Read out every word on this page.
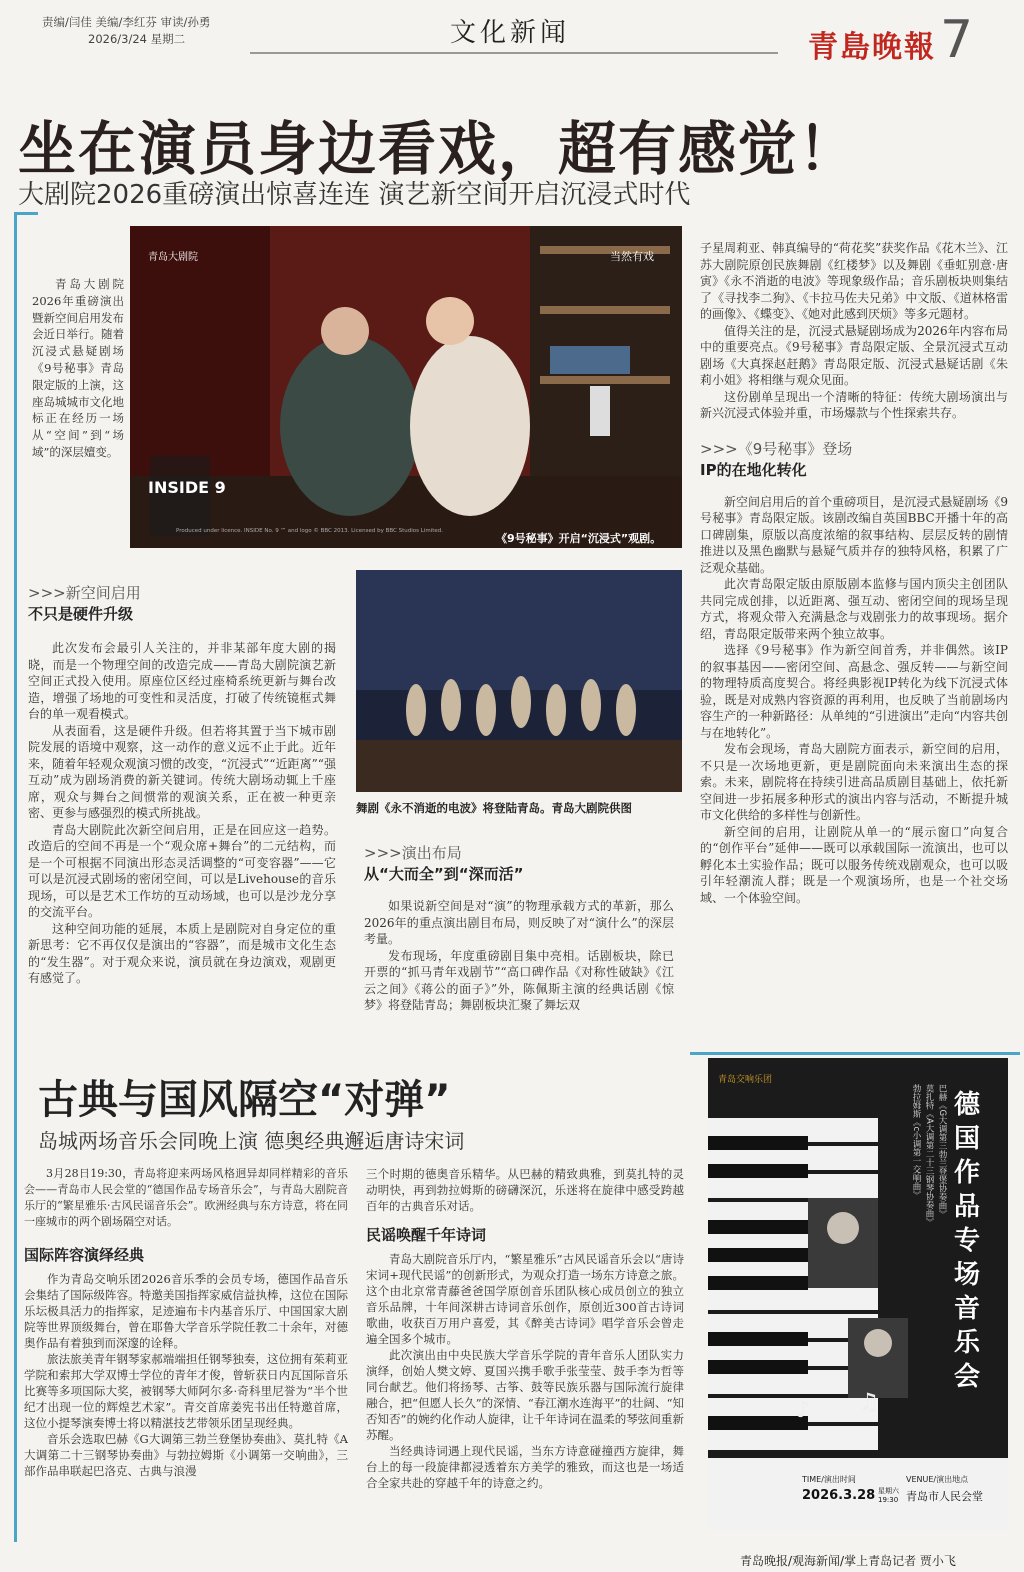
责编/闫佳 美编/李红芬 审读/孙勇
2026/3/24 星期二	文化新闻	青島晚報 7
坐在演员身边看戏，超有感觉！
大剧院2026重磅演出惊喜连连 演艺新空间开启沉浸式时代
青岛大剧院2026年重磅演出暨新空间启用发布会近日举行。随着沉浸式悬疑剧场《9号秘事》青岛限定版的上演，这座岛城城市文化地标正在经历一场从“空间”到“场域”的深层嬗变。
青岛大剧院	当然有戏
INSIDE 9
Produced under licence. INSIDE No. 9 ™ and logo © BBC 2013. Licensed by BBC Studios Limited.
《9号秘事》开启“沉浸式”观剧。
>>>新空间启用
不只是硬件升级

此次发布会最引人关注的，并非某部年度大剧的揭晓，而是一个物理空间的改造完成——青岛大剧院演艺新空间正式投入使用。原座位区经过座椅系统更新与舞台改造，增强了场地的可变性和灵活度，打破了传统镜框式舞台的单一观看模式。

从表面看，这是硬件升级。但若将其置于当下城市剧院发展的语境中观察，这一动作的意义远不止于此。近年来，随着年轻观众观演习惯的改变，“沉浸式”“近距离”“强互动”成为剧场消费的新关键词。传统大剧场动辄上千座席，观众与舞台之间惯常的观演关系，正在被一种更亲密、更参与感强烈的模式所挑战。

青岛大剧院此次新空间启用，正是在回应这一趋势。改造后的空间不再是一个“观众席+舞台”的二元结构，而是一个可根据不同演出形态灵活调整的“可变容器”——它可以是沉浸式剧场的密闭空间，可以是Livehouse的音乐现场，可以是艺术工作坊的互动场域，也可以是沙龙分享的交流平台。

这种空间功能的延展，本质上是剧院对自身定位的重新思考：它不再仅仅是演出的“容器”，而是城市文化生态的“发生器”。对于观众来说，演员就在身边演戏，观剧更有感觉了。

舞剧《永不消逝的电波》将登陆青岛。青岛大剧院供图
>>>演出布局
从“大而全”到“深而活”

如果说新空间是对“演”的物理承载方式的革新，那么2026年的重点演出剧目布局，则反映了对“演什么”的深层考量。

发布现场，年度重磅剧目集中亮相。话剧板块，除已开票的“抓马青年戏剧节”“高口碑作品《对称性破缺》《江云之间》《蒋公的面子》”外，陈佩斯主演的经典话剧《惊梦》将登陆青岛；舞剧板块汇聚了舞坛双

子星周莉亚、韩真编导的“荷花奖”获奖作品《花木兰》、江苏大剧院原创民族舞剧《红楼梦》以及舞剧《垂虹别意·唐寅》《永不消逝的电波》等现象级作品；音乐剧板块则集结了《寻找李二狗》、《卡拉马佐夫兄弟》中文版、《道林格雷的画像》、《蝶变》、《她对此感到厌烦》等多元题材。

值得关注的是，沉浸式悬疑剧场成为2026年内容布局中的重要亮点。《9号秘事》青岛限定版、全景沉浸式互动剧场《大真探赵赶鹅》青岛限定版、沉浸式悬疑话剧《朱莉小姐》将相继与观众见面。

这份剧单呈现出一个清晰的特征：传统大剧场演出与新兴沉浸式体验并重，市场爆款与个性探索共存。

>>>《9号秘事》登场
IP的在地化转化

新空间启用后的首个重磅项目，是沉浸式悬疑剧场《9号秘事》青岛限定版。该剧改编自英国BBC开播十年的高口碑剧集，原版以高度浓缩的叙事结构、层层反转的剧情推进以及黑色幽默与悬疑气质并存的独特风格，积累了广泛观众基础。

此次青岛限定版由原版剧本监修与国内顶尖主创团队共同完成创排，以近距离、强互动、密闭空间的现场呈现方式，将观众带入充满悬念与戏剧张力的故事现场。据介绍，青岛限定版带来两个独立故事。

选择《9号秘事》作为新空间首秀，并非偶然。该IP的叙事基因——密闭空间、高悬念、强反转——与新空间的物理特质高度契合。将经典影视IP转化为线下沉浸式体验，既是对成熟内容资源的再利用，也反映了当前剧场内容生产的一种新路径：从单纯的“引进演出”走向“内容共创与在地转化”。

发布会现场，青岛大剧院方面表示，新空间的启用，不只是一次场地更新，更是剧院面向未来演出生态的探索。未来，剧院将在持续引进高品质剧目基础上，依托新空间进一步拓展多种形式的演出内容与活动，不断提升城市文化供给的多样性与创新性。

新空间的启用，让剧院从单一的“展示窗口”向复合的“创作平台”延伸——既可以承载国际一流演出，也可以孵化本土实验作品；既可以服务传统戏剧观众，也可以吸引年轻潮流人群；既是一个观演场所，也是一个社交场域、一个体验空间。

古典与国风隔空“对弹”
岛城两场音乐会同晚上演 德奥经典邂逅唐诗宋词
3月28日19:30，青岛将迎来两场风格迥异却同样精彩的音乐会——青岛市人民会堂的“德国作品专场音乐会”，与青岛大剧院音乐厅的“繁星雅乐·古风民谣音乐会”。欧洲经典与东方诗意，将在同一座城市的两个剧场隔空对话。
国际阵容演绎经典

作为青岛交响乐团2026音乐季的会员专场，德国作品音乐会集结了国际级阵容。特邀美国指挥家威信益执棒，这位在国际乐坛极具活力的指挥家，足迹遍布卡内基音乐厅、中国国家大剧院等世界顶级舞台，曾在耶鲁大学音乐学院任教二十余年，对德奥作品有着独到而深邃的诠释。

旅法旅美青年钢琴家郝端端担任钢琴独奏，这位拥有茱莉亚学院和索邦大学双博士学位的青年才俊，曾斩获日内瓦国际音乐比赛等多项国际大奖，被钢琴大师阿尔多·奇科里尼誉为“半个世纪才出现一位的辉煌艺术家”。青交首席姜宪书出任特邀首席，这位小提琴演奏博士将以精湛技艺带领乐团呈现经典。

音乐会选取巴赫《G大调第三勃兰登堡协奏曲》、莫扎特《A大调第二十三钢琴协奏曲》与勃拉姆斯《小调第一交响曲》，三部作品串联起巴洛克、古典与浪漫

三个时期的德奥音乐精华。从巴赫的精致典雅，到莫扎特的灵动明快，再到勃拉姆斯的磅礴深沉，乐迷将在旋律中感受跨越百年的古典音乐对话。
民谣唤醒千年诗词

青岛大剧院音乐厅内，“繁星雅乐”古风民谣音乐会以“唐诗宋词+现代民谣”的创新形式，为观众打造一场东方诗意之旅。这个由北京常青藤爸爸国学原创音乐团队核心成员创立的独立音乐品牌，十年间深耕古诗词音乐创作，原创近300首古诗词歌曲，收获百万用户喜爱，其《醉美古诗词》唱学音乐会曾走遍全国多个城市。

此次演出由中央民族大学音乐学院的青年音乐人团队实力演绎，创始人樊文婷、夏国兴携手歌手张莹莹、鼓手李为哲等同台献艺。他们将扬琴、古筝、鼓等民族乐器与国际流行旋律融合，把“但愿人长久”的深情、“春江潮水连海平”的壮阔、“知否知否”的婉约化作动人旋律，让千年诗词在温柔的琴弦间重新苏醒。

当经典诗词遇上现代民谣，当东方诗意碰撞西方旋律，舞台上的每一段旋律都浸透着东方美学的雅致，而这也是一场适合全家共赴的穿越千年的诗意之约。

青岛交响乐团
德国作品专场音乐会
巴赫《G大调第三勃兰登堡协奏曲》
莫扎特《A大调第二十三钢琴协奏曲》
勃拉姆斯《c小调第一交响曲》
♪ ♫
TIME/演出时间
2026.3.28 星期六
19:30
VENUE/演出地点
青岛市人民会堂
青岛晚报/观海新闻/掌上青岛记者 贾小飞
